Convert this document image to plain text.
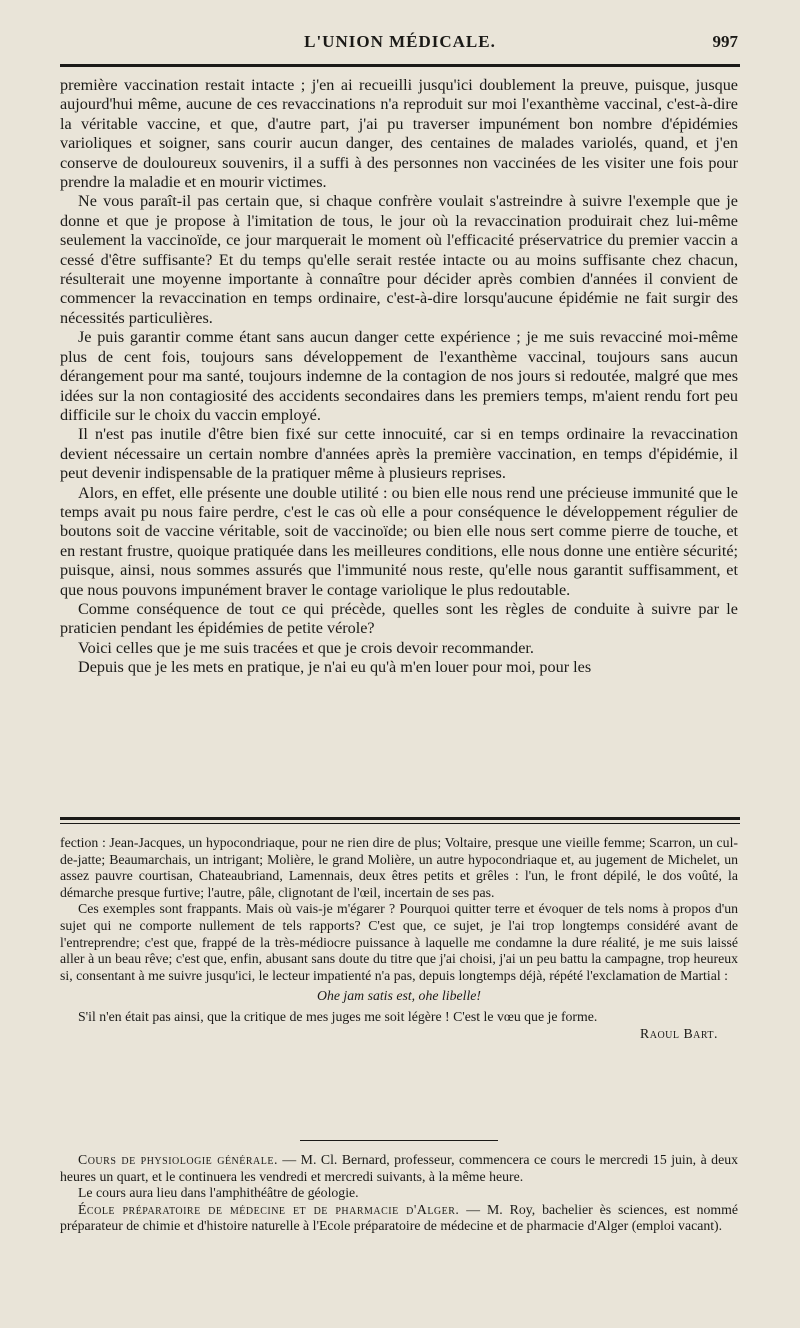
L'UNION MÉDICALE.	997

première vaccination restait intacte ; j'en ai recueilli jusqu'ici doublement la preuve, puisque, jusque aujourd'hui même, aucune de ces revaccinations n'a reproduit sur moi l'exanthème vaccinal, c'est-à-dire la véritable vaccine, et que, d'autre part, j'ai pu traverser impunément bon nombre d'épidémies varioliques et soigner, sans courir aucun danger, des centaines de malades variolés, quand, et j'en conserve de douloureux souvenirs, il a suffi à des personnes non vaccinées de les visiter une fois pour prendre la maladie et en mourir victimes.

Ne vous paraît-il pas certain que, si chaque confrère voulait s'astreindre à suivre l'exemple que je donne et que je propose à l'imitation de tous, le jour où la revaccination produirait chez lui-même seulement la vaccinoïde, ce jour marquerait le moment où l'efficacité préservatrice du premier vaccin a cessé d'être suffisante? Et du temps qu'elle serait restée intacte ou au moins suffisante chez chacun, résulterait une moyenne importante à connaître pour décider après combien d'années il convient de commencer la revaccination en temps ordinaire, c'est-à-dire lorsqu'aucune épidémie ne fait surgir des nécessités particulières.

Je puis garantir comme étant sans aucun danger cette expérience ; je me suis revacciné moi-même plus de cent fois, toujours sans développement de l'exanthème vaccinal, toujours sans aucun dérangement pour ma santé, toujours indemne de la contagion de nos jours si redoutée, malgré que mes idées sur la non contagiosité des accidents secondaires dans les premiers temps, m'aient rendu fort peu difficile sur le choix du vaccin employé.

Il n'est pas inutile d'être bien fixé sur cette innocuité, car si en temps ordinaire la revaccination devient nécessaire un certain nombre d'années après la première vaccination, en temps d'épidémie, il peut devenir indispensable de la pratiquer même à plusieurs reprises.

Alors, en effet, elle présente une double utilité : ou bien elle nous rend une précieuse immunité que le temps avait pu nous faire perdre, c'est le cas où elle a pour conséquence le développement régulier de boutons soit de vaccine véritable, soit de vaccinoïde; ou bien elle nous sert comme pierre de touche, et en restant frustre, quoique pratiquée dans les meilleures conditions, elle nous donne une entière sécurité; puisque, ainsi, nous sommes assurés que l'immunité nous reste, qu'elle nous garantit suffisamment, et que nous pouvons impunément braver le contage variolique le plus redoutable.

Comme conséquence de tout ce qui précède, quelles sont les règles de conduite à suivre par le praticien pendant les épidémies de petite vérole?

Voici celles que je me suis tracées et que je crois devoir recommander.

Depuis que je les mets en pratique, je n'ai eu qu'à m'en louer pour moi, pour les

fection : Jean-Jacques, un hypocondriaque, pour ne rien dire de plus; Voltaire, presque une vieille femme; Scarron, un cul-de-jatte; Beaumarchais, un intrigant; Molière, le grand Molière, un autre hypocondriaque et, au jugement de Michelet, un assez pauvre courtisan, Chateaubriand, Lamennais, deux êtres petits et grêles : l'un, le front dépilé, le dos voûté, la démarche presque furtive; l'autre, pâle, clignotant de l'œil, incertain de ses pas.

Ces exemples sont frappants. Mais où vais-je m'égarer ? Pourquoi quitter terre et évoquer de tels noms à propos d'un sujet qui ne comporte nullement de tels rapports? C'est que, ce sujet, je l'ai trop longtemps considéré avant de l'entreprendre; c'est que, frappé de la très-médiocre puissance à laquelle me condamne la dure réalité, je me suis laissé aller à un beau rêve; c'est que, enfin, abusant sans doute du titre que j'ai choisi, j'ai un peu battu la campagne, trop heureux si, consentant à me suivre jusqu'ici, le lecteur impatienté n'a pas, depuis longtemps déjà, répété l'exclamation de Martial :

Ohe jam satis est, ohe libelle!

S'il n'en était pas ainsi, que la critique de mes juges me soit légère ! C'est le vœu que je forme.

Raoul Bart.

Cours de physiologie générale. — M. Cl. Bernard, professeur, commencera ce cours le mercredi 15 juin, à deux heures un quart, et le continuera les vendredi et mercredi suivants, à la même heure.

Le cours aura lieu dans l'amphithéâtre de géologie.

École préparatoire de médecine et de pharmacie d'Alger. — M. Roy, bachelier ès sciences, est nommé préparateur de chimie et d'histoire naturelle à l'Ecole préparatoire de médecine et de pharmacie d'Alger (emploi vacant).
